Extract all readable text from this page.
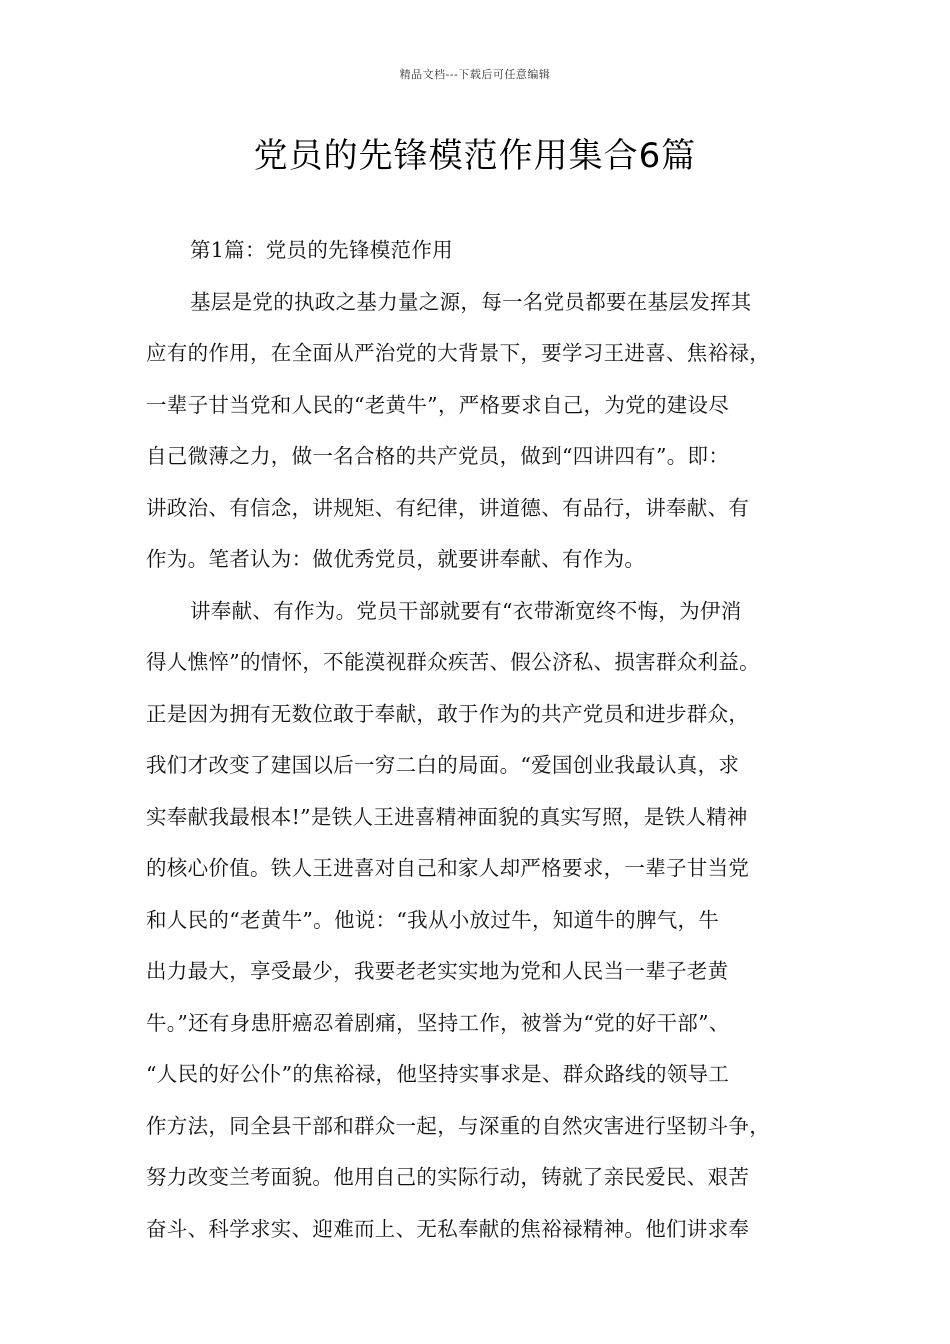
精品文档---下载后可任意编辑
党员的先锋模范作用集合6篇
第1篇：党员的先锋模范作用
基层是党的执政之基力量之源，每一名党员都要在基层发挥其
应有的作用，在全面从严治党的大背景下，要学习王进喜、焦裕禄，
一辈子甘当党和人民的“老黄牛”，严格要求自己，为党的建设尽
自己微薄之力，做一名合格的共产党员，做到“四讲四有”。即：
讲政治、有信念，讲规矩、有纪律，讲道德、有品行，讲奉献、有
作为。笔者认为：做优秀党员，就要讲奉献、有作为。
讲奉献、有作为。党员干部就要有“衣带渐宽终不悔，为伊消
得人憔悴”的情怀，不能漠视群众疾苦、假公济私、损害群众利益。
正是因为拥有无数位敢于奉献，敢于作为的共产党员和进步群众，
我们才改变了建国以后一穷二白的局面。“爱国创业我最认真，求
实奉献我最根本!”是铁人王进喜精神面貌的真实写照，是铁人精神
的核心价值。铁人王进喜对自己和家人却严格要求，一辈子甘当党
和人民的“老黄牛”。他说：“我从小放过牛，知道牛的脾气，牛
出力最大，享受最少，我要老老实实地为党和人民当一辈子老黄
牛。”还有身患肝癌忍着剧痛，坚持工作，被誉为“党的好干部”、
“人民的好公仆”的焦裕禄，他坚持实事求是、群众路线的领导工
作方法，同全县干部和群众一起，与深重的自然灾害进行坚韧斗争，
努力改变兰考面貌。他用自己的实际行动，铸就了亲民爱民、艰苦
奋斗、科学求实、迎难而上、无私奉献的焦裕禄精神。他们讲求奉
